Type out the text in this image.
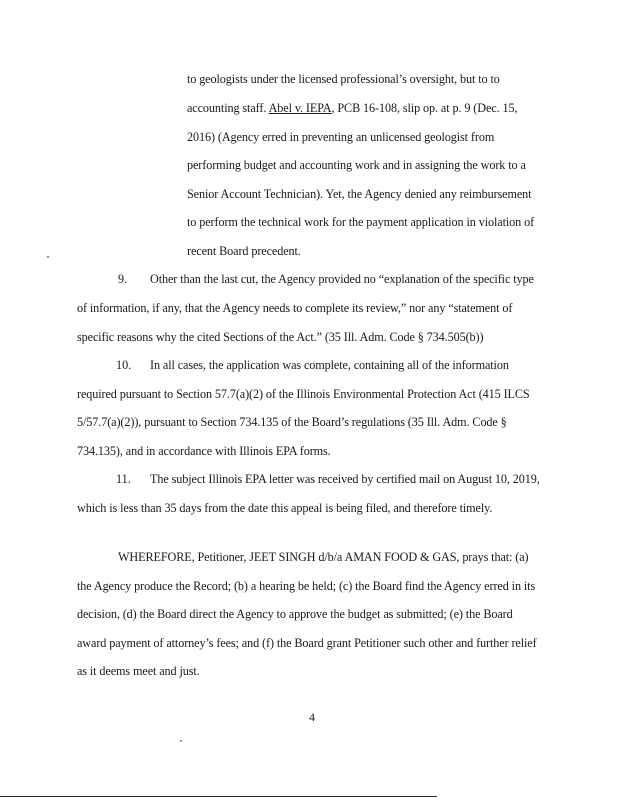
to geologists under the licensed professional’s oversight, but to to
accounting staff. Abel v. IEPA, PCB 16-108, slip op. at p. 9 (Dec. 15,
2016) (Agency erred in preventing an unlicensed geologist from
performing budget and accounting work and in assigning the work to a
Senior Account Technician). Yet, the Agency denied any reimbursement
to perform the technical work for the payment application in violation of
recent Board precedent.
9. Other than the last cut, the Agency provided no “explanation of the specific type
of information, if any, that the Agency needs to complete its review,” nor any “statement of
specific reasons why the cited Sections of the Act.” (35 Ill. Adm. Code § 734.505(b))
10. In all cases, the application was complete, containing all of the information
required pursuant to Section 57.7(a)(2) of the Illinois Environmental Protection Act (415 ILCS
5/57.7(a)(2)), pursuant to Section 734.135 of the Board’s regulations (35 Ill. Adm. Code §
734.135), and in accordance with Illinois EPA forms.
11. The subject Illinois EPA letter was received by certified mail on August 10, 2019,
which is less than 35 days from the date this appeal is being filed, and therefore timely.
WHEREFORE, Petitioner, JEET SINGH d/b/a AMAN FOOD & GAS, prays that: (a)
the Agency produce the Record; (b) a hearing be held; (c) the Board find the Agency erred in its
decision, (d) the Board direct the Agency to approve the budget as submitted; (e) the Board
award payment of attorney’s fees; and (f) the Board grant Petitioner such other and further relief
as it deems meet and just.
4
